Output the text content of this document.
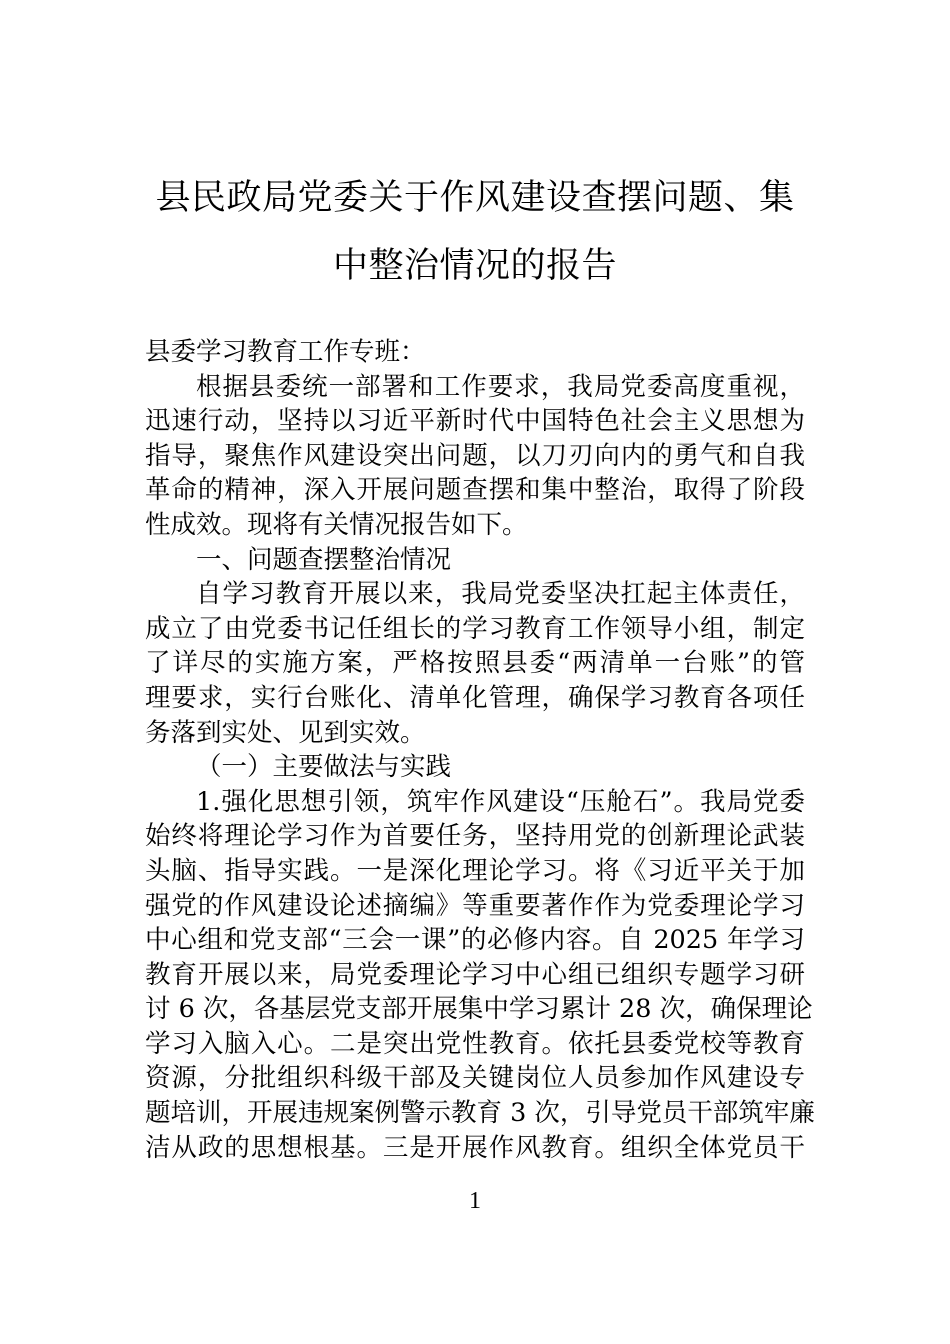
县民政局党委关于作风建设查摆问题、集
中整治情况的报告
县委学习教育工作专班：
根据县委统一部署和工作要求，我局党委高度重视，
迅速行动，坚持以习近平新时代中国特色社会主义思想为
指导，聚焦作风建设突出问题，以刀刃向内的勇气和自我
革命的精神，深入开展问题查摆和集中整治，取得了阶段
性成效。现将有关情况报告如下。
一、问题查摆整治情况
自学习教育开展以来，我局党委坚决扛起主体责任，
成立了由党委书记任组长的学习教育工作领导小组，制定
了详尽的实施方案，严格按照县委“两清单一台账”的管
理要求，实行台账化、清单化管理，确保学习教育各项任
务落到实处、见到实效。
（一）主要做法与实践
1.强化思想引领，筑牢作风建设“压舱石”。我局党委
始终将理论学习作为首要任务，坚持用党的创新理论武装
头脑、指导实践。一是深化理论学习。将《习近平关于加
强党的作风建设论述摘编》等重要著作作为党委理论学习
中心组和党支部“三会一课”的必修内容。自 2025 年学习
教育开展以来，局党委理论学习中心组已组织专题学习研
讨 6 次，各基层党支部开展集中学习累计 28 次，确保理论
学习入脑入心。二是突出党性教育。依托县委党校等教育
资源，分批组织科级干部及关键岗位人员参加作风建设专
题培训，开展违规案例警示教育 3 次，引导党员干部筑牢廉
洁从政的思想根基。三是开展作风教育。组织全体党员干
1
